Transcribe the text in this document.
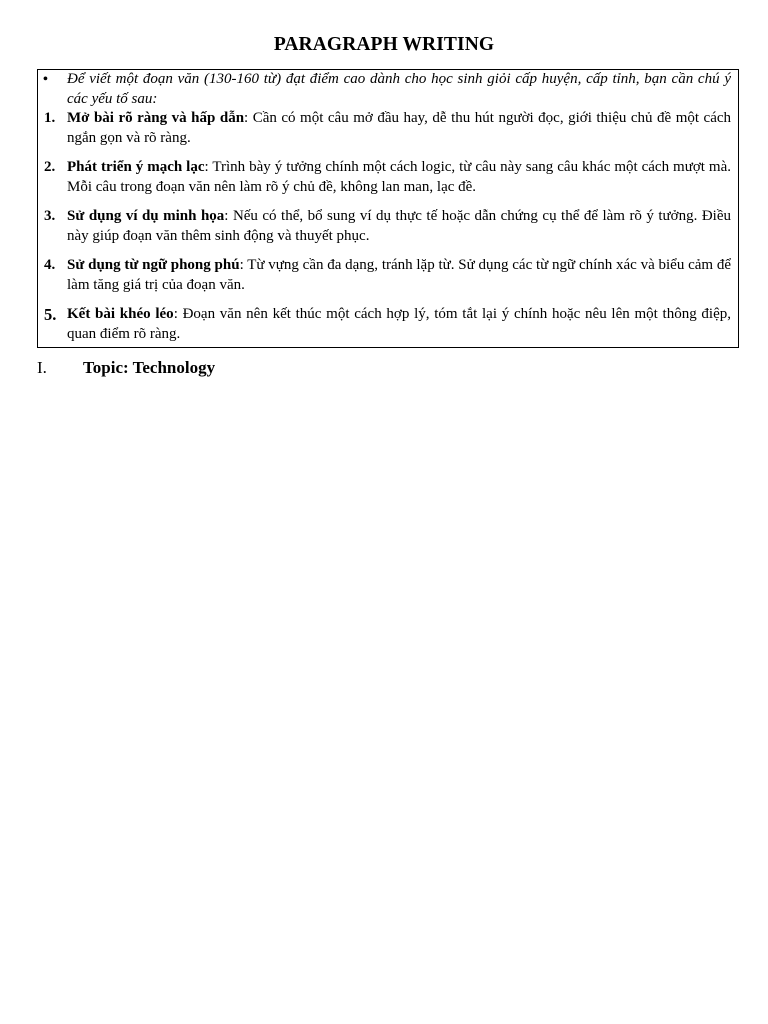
PARAGRAPH WRITING
•	Để viết một đoạn văn (130-160 từ) đạt điểm cao dành cho học sinh giỏi cấp huyện, cấp tỉnh, bạn cần chú ý các yếu tố sau:
1. Mở bài rõ ràng và hấp dẫn: Cần có một câu mở đầu hay, dễ thu hút người đọc, giới thiệu chủ đề một cách ngắn gọn và rõ ràng.
2. Phát triển ý mạch lạc: Trình bày ý tưởng chính một cách logic, từ câu này sang câu khác một cách mượt mà. Mỗi câu trong đoạn văn nên làm rõ ý chủ đề, không lan man, lạc đề.
3. Sử dụng ví dụ minh họa: Nếu có thể, bổ sung ví dụ thực tế hoặc dẫn chứng cụ thể để làm rõ ý tưởng. Điều này giúp đoạn văn thêm sinh động và thuyết phục.
4. Sử dụng từ ngữ phong phú: Từ vựng cần đa dạng, tránh lặp từ. Sử dụng các từ ngữ chính xác và biểu cảm để làm tăng giá trị của đoạn văn.
5. Kết bài khéo léo: Đoạn văn nên kết thúc một cách hợp lý, tóm tắt lại ý chính hoặc nêu lên một thông điệp, quan điểm rõ ràng.
I.	Topic: Technology
